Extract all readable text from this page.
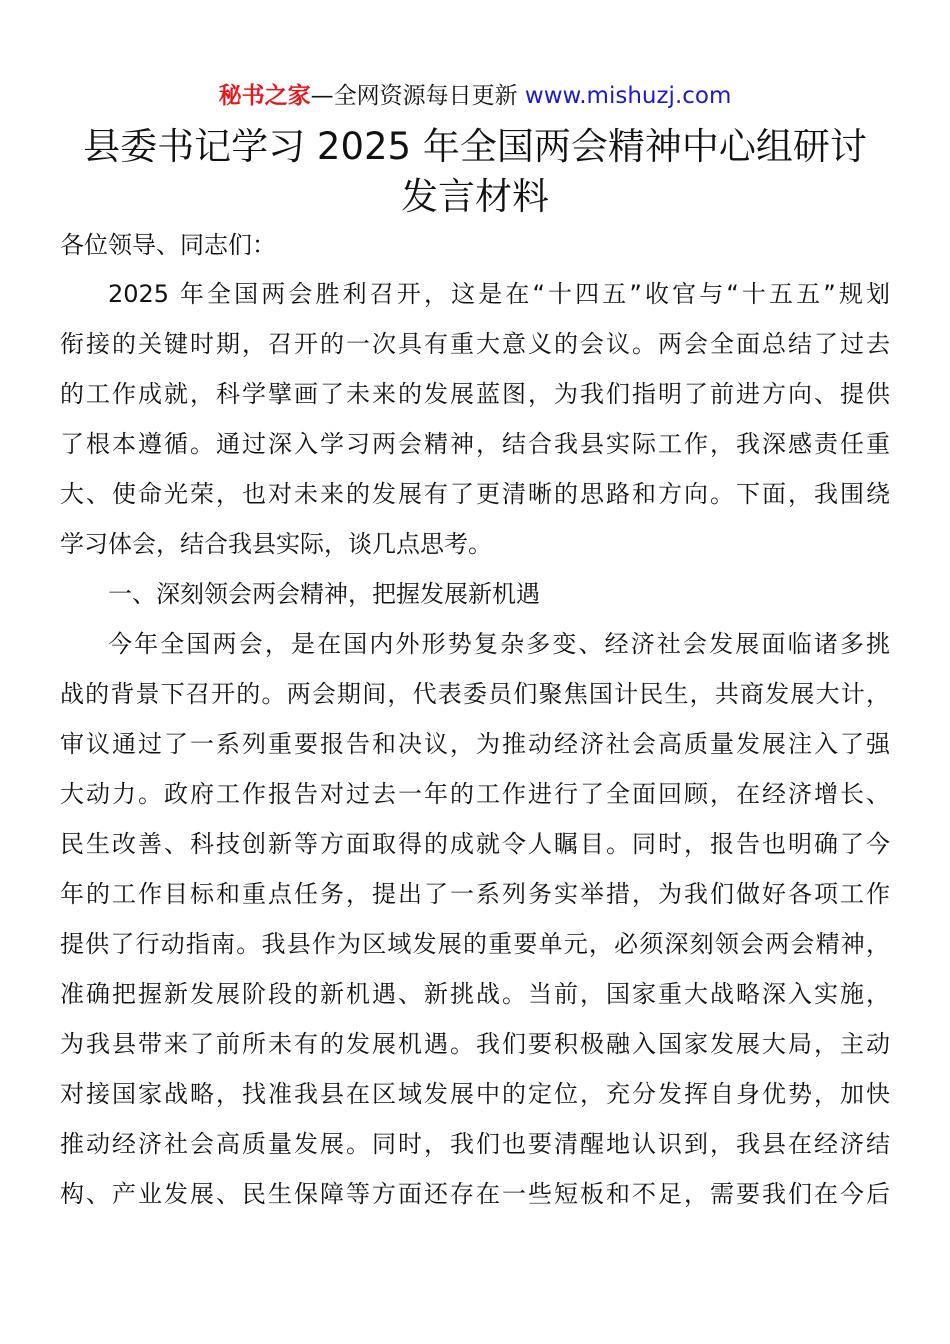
秘书之家—全网资源每日更新 www.mishuzj.com
县委书记学习 2025 年全国两会精神中心组研讨
发言材料
各位领导、同志们：
2025 年全国两会胜利召开，这是在“十四五”收官与“十五五”规划
衔接的关键时期，召开的一次具有重大意义的会议。两会全面总结了过去
的工作成就，科学擘画了未来的发展蓝图，为我们指明了前进方向、提供
了根本遵循。通过深入学习两会精神，结合我县实际工作，我深感责任重
大、使命光荣，也对未来的发展有了更清晰的思路和方向。下面，我围绕
学习体会，结合我县实际，谈几点思考。
一、深刻领会两会精神，把握发展新机遇
今年全国两会，是在国内外形势复杂多变、经济社会发展面临诸多挑
战的背景下召开的。两会期间，代表委员们聚焦国计民生，共商发展大计，
审议通过了一系列重要报告和决议，为推动经济社会高质量发展注入了强
大动力。政府工作报告对过去一年的工作进行了全面回顾，在经济增长、
民生改善、科技创新等方面取得的成就令人瞩目。同时，报告也明确了今
年的工作目标和重点任务，提出了一系列务实举措，为我们做好各项工作
提供了行动指南。我县作为区域发展的重要单元，必须深刻领会两会精神，
准确把握新发展阶段的新机遇、新挑战。当前，国家重大战略深入实施，
为我县带来了前所未有的发展机遇。我们要积极融入国家发展大局，主动
对接国家战略，找准我县在区域发展中的定位，充分发挥自身优势，加快
推动经济社会高质量发展。同时，我们也要清醒地认识到，我县在经济结
构、产业发展、民生保障等方面还存在一些短板和不足，需要我们在今后
